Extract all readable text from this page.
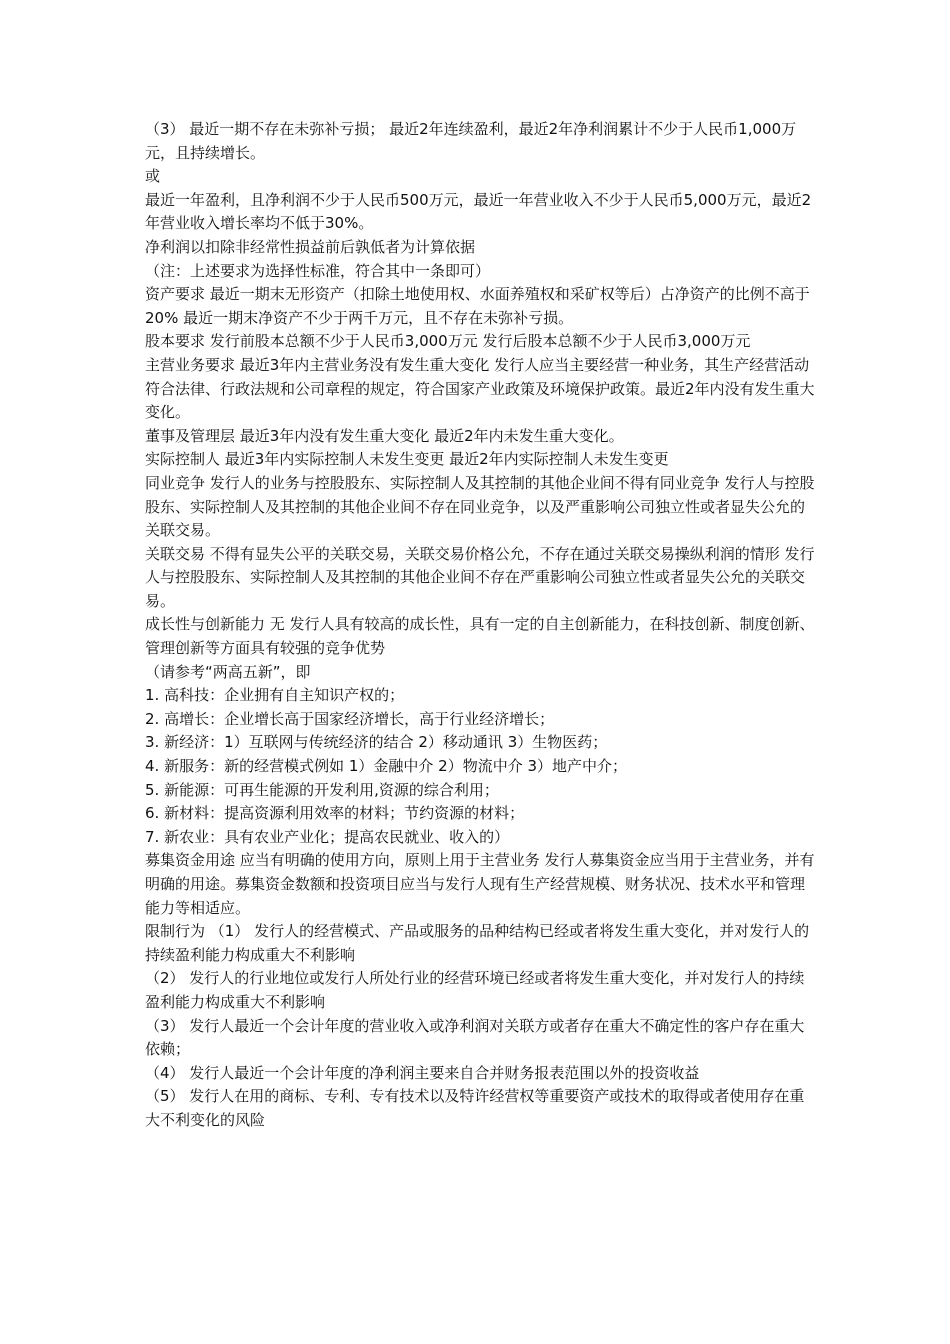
（3） 最近一期不存在未弥补亏损； 最近2年连续盈利，最近2年净利润累计不少于人民币1,000万元，且持续增长。

或

最近一年盈利，且净利润不少于人民币500万元，最近一年营业收入不少于人民币5,000万元，最近2年营业收入增长率均不低于30%。

净利润以扣除非经常性损益前后孰低者为计算依据

（注：上述要求为选择性标准，符合其中一条即可）

资产要求 最近一期末无形资产（扣除土地使用权、水面养殖权和采矿权等后）占净资产的比例不高于20% 最近一期末净资产不少于两千万元，且不存在未弥补亏损。

股本要求 发行前股本总额不少于人民币3,000万元 发行后股本总额不少于人民币3,000万元

主营业务要求 最近3年内主营业务没有发生重大变化 发行人应当主要经营一种业务，其生产经营活动符合法律、行政法规和公司章程的规定，符合国家产业政策及环境保护政策。最近2年内没有发生重大变化。

董事及管理层 最近3年内没有发生重大变化 最近2年内未发生重大变化。

实际控制人 最近3年内实际控制人未发生变更 最近2年内实际控制人未发生变更

同业竞争 发行人的业务与控股股东、实际控制人及其控制的其他企业间不得有同业竞争 发行人与控股股东、实际控制人及其控制的其他企业间不存在同业竞争，以及严重影响公司独立性或者显失公允的关联交易。

关联交易 不得有显失公平的关联交易，关联交易价格公允，不存在通过关联交易操纵利润的情形 发行人与控股股东、实际控制人及其控制的其他企业间不存在严重影响公司独立性或者显失公允的关联交易。

成长性与创新能力 无 发行人具有较高的成长性，具有一定的自主创新能力，在科技创新、制度创新、管理创新等方面具有较强的竞争优势

（请参考“两高五新”，即

1. 高科技：企业拥有自主知识产权的；

2. 高增长：企业增长高于国家经济增长，高于行业经济增长；

3. 新经济：1）互联网与传统经济的结合 2）移动通讯 3）生物医药；

4. 新服务：新的经营模式例如 1）金融中介 2）物流中介 3）地产中介；

5. 新能源：可再生能源的开发利用,资源的综合利用；

6. 新材料：提高资源利用效率的材料；节约资源的材料；

7. 新农业：具有农业产业化；提高农民就业、收入的）

募集资金用途 应当有明确的使用方向，原则上用于主营业务 发行人募集资金应当用于主营业务，并有明确的用途。募集资金数额和投资项目应当与发行人现有生产经营规模、财务状况、技术水平和管理能力等相适应。

限制行为 （1） 发行人的经营模式、产品或服务的品种结构已经或者将发生重大变化，并对发行人的持续盈利能力构成重大不利影响

（2） 发行人的行业地位或发行人所处行业的经营环境已经或者将发生重大变化，并对发行人的持续盈利能力构成重大不利影响

（3） 发行人最近一个会计年度的营业收入或净利润对关联方或者存在重大不确定性的客户存在重大依赖；

（4） 发行人最近一个会计年度的净利润主要来自合并财务报表范围以外的投资收益

（5） 发行人在用的商标、专利、专有技术以及特许经营权等重要资产或技术的取得或者使用存在重大不利变化的风险
